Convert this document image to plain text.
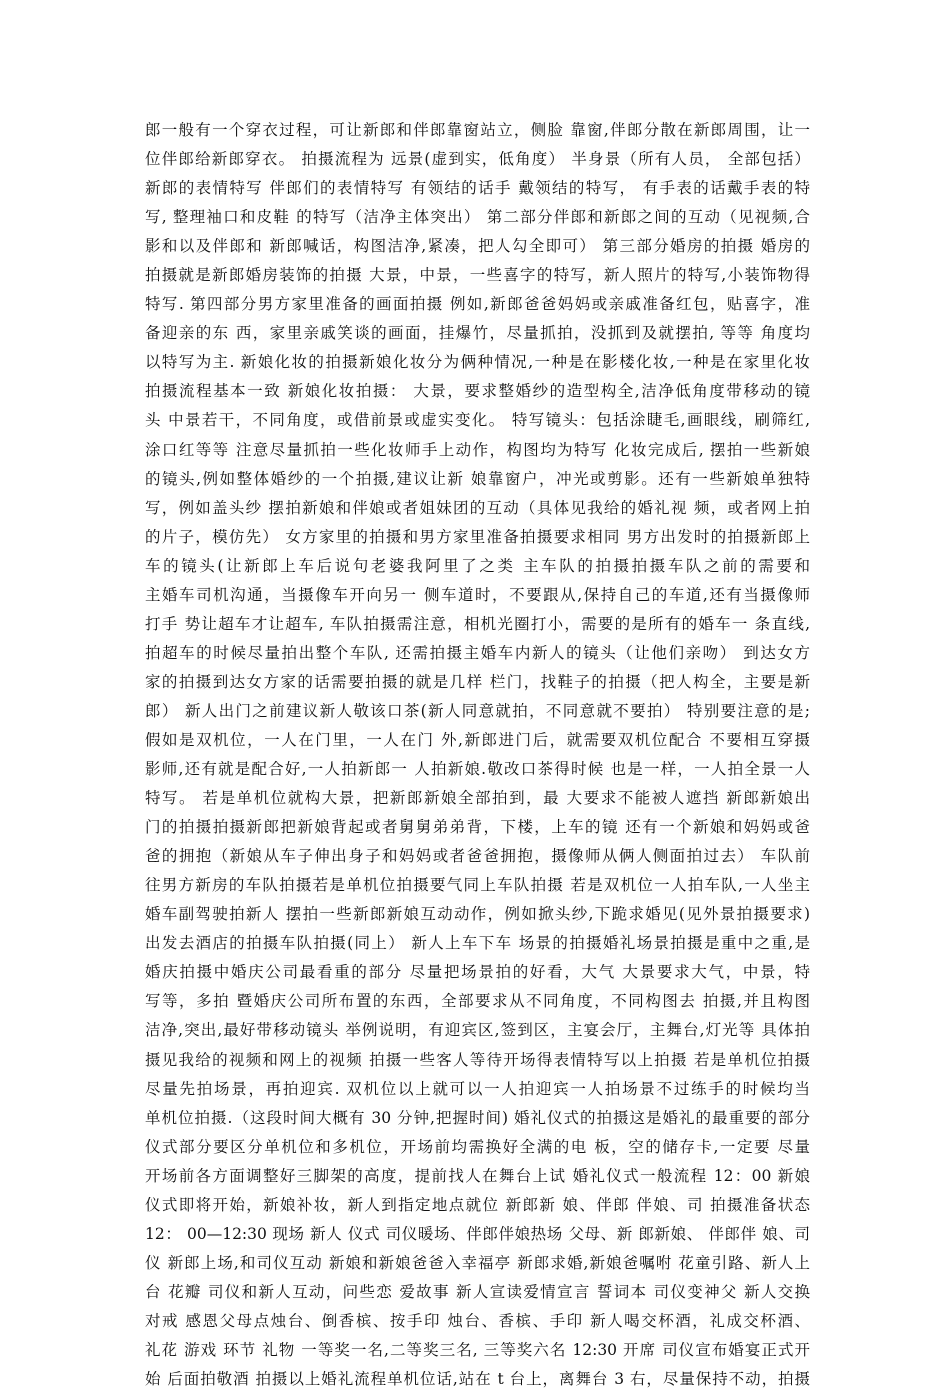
郎一般有一个穿衣过程，可让新郎和伴郎靠窗站立，侧脸 靠窗,伴郎分散在新郎周围，让一
位伴郎给新郎穿衣。 拍摄流程为 远景(虚到实，低角度） 半身景（所有人员， 全部包括）
新郎的表情特写 伴郎们的表情特写 有领结的话手 戴领结的特写， 有手表的话戴手表的特
写, 整理袖口和皮鞋 的特写（洁净主体突出） 第二部分伴郎和新郎之间的互动（见视频,合
影和以及伴郎和 新郎喊话，构图洁净,紧凑，把人勾全即可） 第三部分婚房的拍摄 婚房的
拍摄就是新郎婚房装饰的拍摄 大景，中景，一些喜字的特写，新人照片的特写,小装饰物得
特写. 第四部分男方家里准备的画面拍摄 例如,新郎爸爸妈妈或亲戚准备红包，贴喜字，准
备迎亲的东 西，家里亲戚笑谈的画面，挂爆竹，尽量抓拍，没抓到及就摆拍, 等等 角度均
以特写为主. 新娘化妆的拍摄新娘化妆分为俩种情况,一种是在影楼化妆,一种是在家里化妆
拍摄流程基本一致 新娘化妆拍摄： 大景，要求整婚纱的造型构全,洁净低角度带移动的镜
头 中景若干，不同角度，或借前景或虚实变化。 特写镜头：包括涂睫毛,画眼线，刷筛红,
涂口红等等 注意尽量抓拍一些化妆师手上动作，构图均为特写 化妆完成后, 摆拍一些新娘
的镜头,例如整体婚纱的一个拍摄,建议让新 娘靠窗户，冲光或剪影。还有一些新娘单独特
写，例如盖头纱 摆拍新娘和伴娘或者姐妹团的互动（具体见我给的婚礼视 频，或者网上拍
的片子，模仿先） 女方家里的拍摄和男方家里准备拍摄要求相同 男方出发时的拍摄新郎上
车的镜头(让新郎上车后说句老婆我阿里了之类 主车队的拍摄拍摄车队之前的需要和
主婚车司机沟通，当摄像车开向另一 侧车道时，不要跟从,保持自己的车道,还有当摄像师
打手 势让超车才让超车, 车队拍摄需注意，相机光圈打小，需要的是所有的婚车一 条直线,
拍超车的时候尽量拍出整个车队, 还需拍摄主婚车内新人的镜头（让他们亲吻） 到达女方
家的拍摄到达女方家的话需要拍摄的就是几样 栏门，找鞋子的拍摄（把人构全，主要是新
郎） 新人出门之前建议新人敬该口茶(新人同意就拍，不同意就不要拍） 特别要注意的是;
假如是双机位，一人在门里，一人在门 外,新郎进门后，就需要双机位配合 不要相互穿摄
影师,还有就是配合好,一人拍新郎一 人拍新娘.敬改口茶得时候 也是一样，一人拍全景一人
特写。 若是单机位就构大景，把新郎新娘全部拍到，最 大要求不能被人遮挡 新郎新娘出
门的拍摄拍摄新郎把新娘背起或者舅舅弟弟背，下楼，上车的镜 还有一个新娘和妈妈或爸
爸的拥抱（新娘从车子伸出身子和妈妈或者爸爸拥抱，摄像师从俩人侧面拍过去） 车队前
往男方新房的车队拍摄若是单机位拍摄要气同上车队拍摄 若是双机位一人拍车队,一人坐主
婚车副驾驶拍新人 摆拍一些新郎新娘互动动作，例如掀头纱,下跪求婚见(见外景拍摄要求)
出发去酒店的拍摄车队拍摄(同上） 新人上车下车 场景的拍摄婚礼场景拍摄是重中之重,是
婚庆拍摄中婚庆公司最看重的部分 尽量把场景拍的好看，大气 大景要求大气，中景，特
写等，多拍 暨婚庆公司所布置的东西，全部要求从不同角度，不同构图去 拍摄,并且构图
洁净,突出,最好带移动镜头 举例说明，有迎宾区,签到区，主宴会厅，主舞台,灯光等 具体拍
摄见我给的视频和网上的视频 拍摄一些客人等待开场得表情特写以上拍摄 若是单机位拍摄
尽量先拍场景，再拍迎宾. 双机位以上就可以一人拍迎宾一人拍场景不过练手的时候均当
单机位拍摄.（这段时间大概有 30 分钟,把握时间) 婚礼仪式的拍摄这是婚礼的最重要的部分
仪式部分要区分单机位和多机位，开场前均需换好全满的电 板，空的储存卡,一定要 尽量
开场前各方面调整好三脚架的高度，提前找人在舞台上试 婚礼仪式一般流程 12：00 新娘
仪式即将开始，新娘补妆，新人到指定地点就位 新郎新 娘、伴郎 伴娘、司 拍摄准备状态
12： 00—12:30 现场 新人 仪式 司仪暖场、伴郎伴娘热场 父母、新 郎新娘、 伴郎伴 娘、司
仪 新郎上场,和司仪互动 新娘和新娘爸爸入幸福亭 新郎求婚,新娘爸嘱咐 花童引路、新人上
台 花瓣 司仪和新人互动，问些恋 爱故事 新人宣读爱情宣言 誓词本 司仪变神父 新人交换
对戒 感恩父母点烛台、倒香槟、按手印 烛台、香槟、手印 新人喝交杯酒，礼成交杯酒、
礼花 游戏 环节 礼物 一等奖一名,二等奖三名, 三等奖六名 12:30 开席 司仪宣布婚宴正式开
始 后面拍敬酒 拍摄以上婚礼流程单机位话,站在 t 台上，离舞台 3 右，尽量保持不动，拍摄
